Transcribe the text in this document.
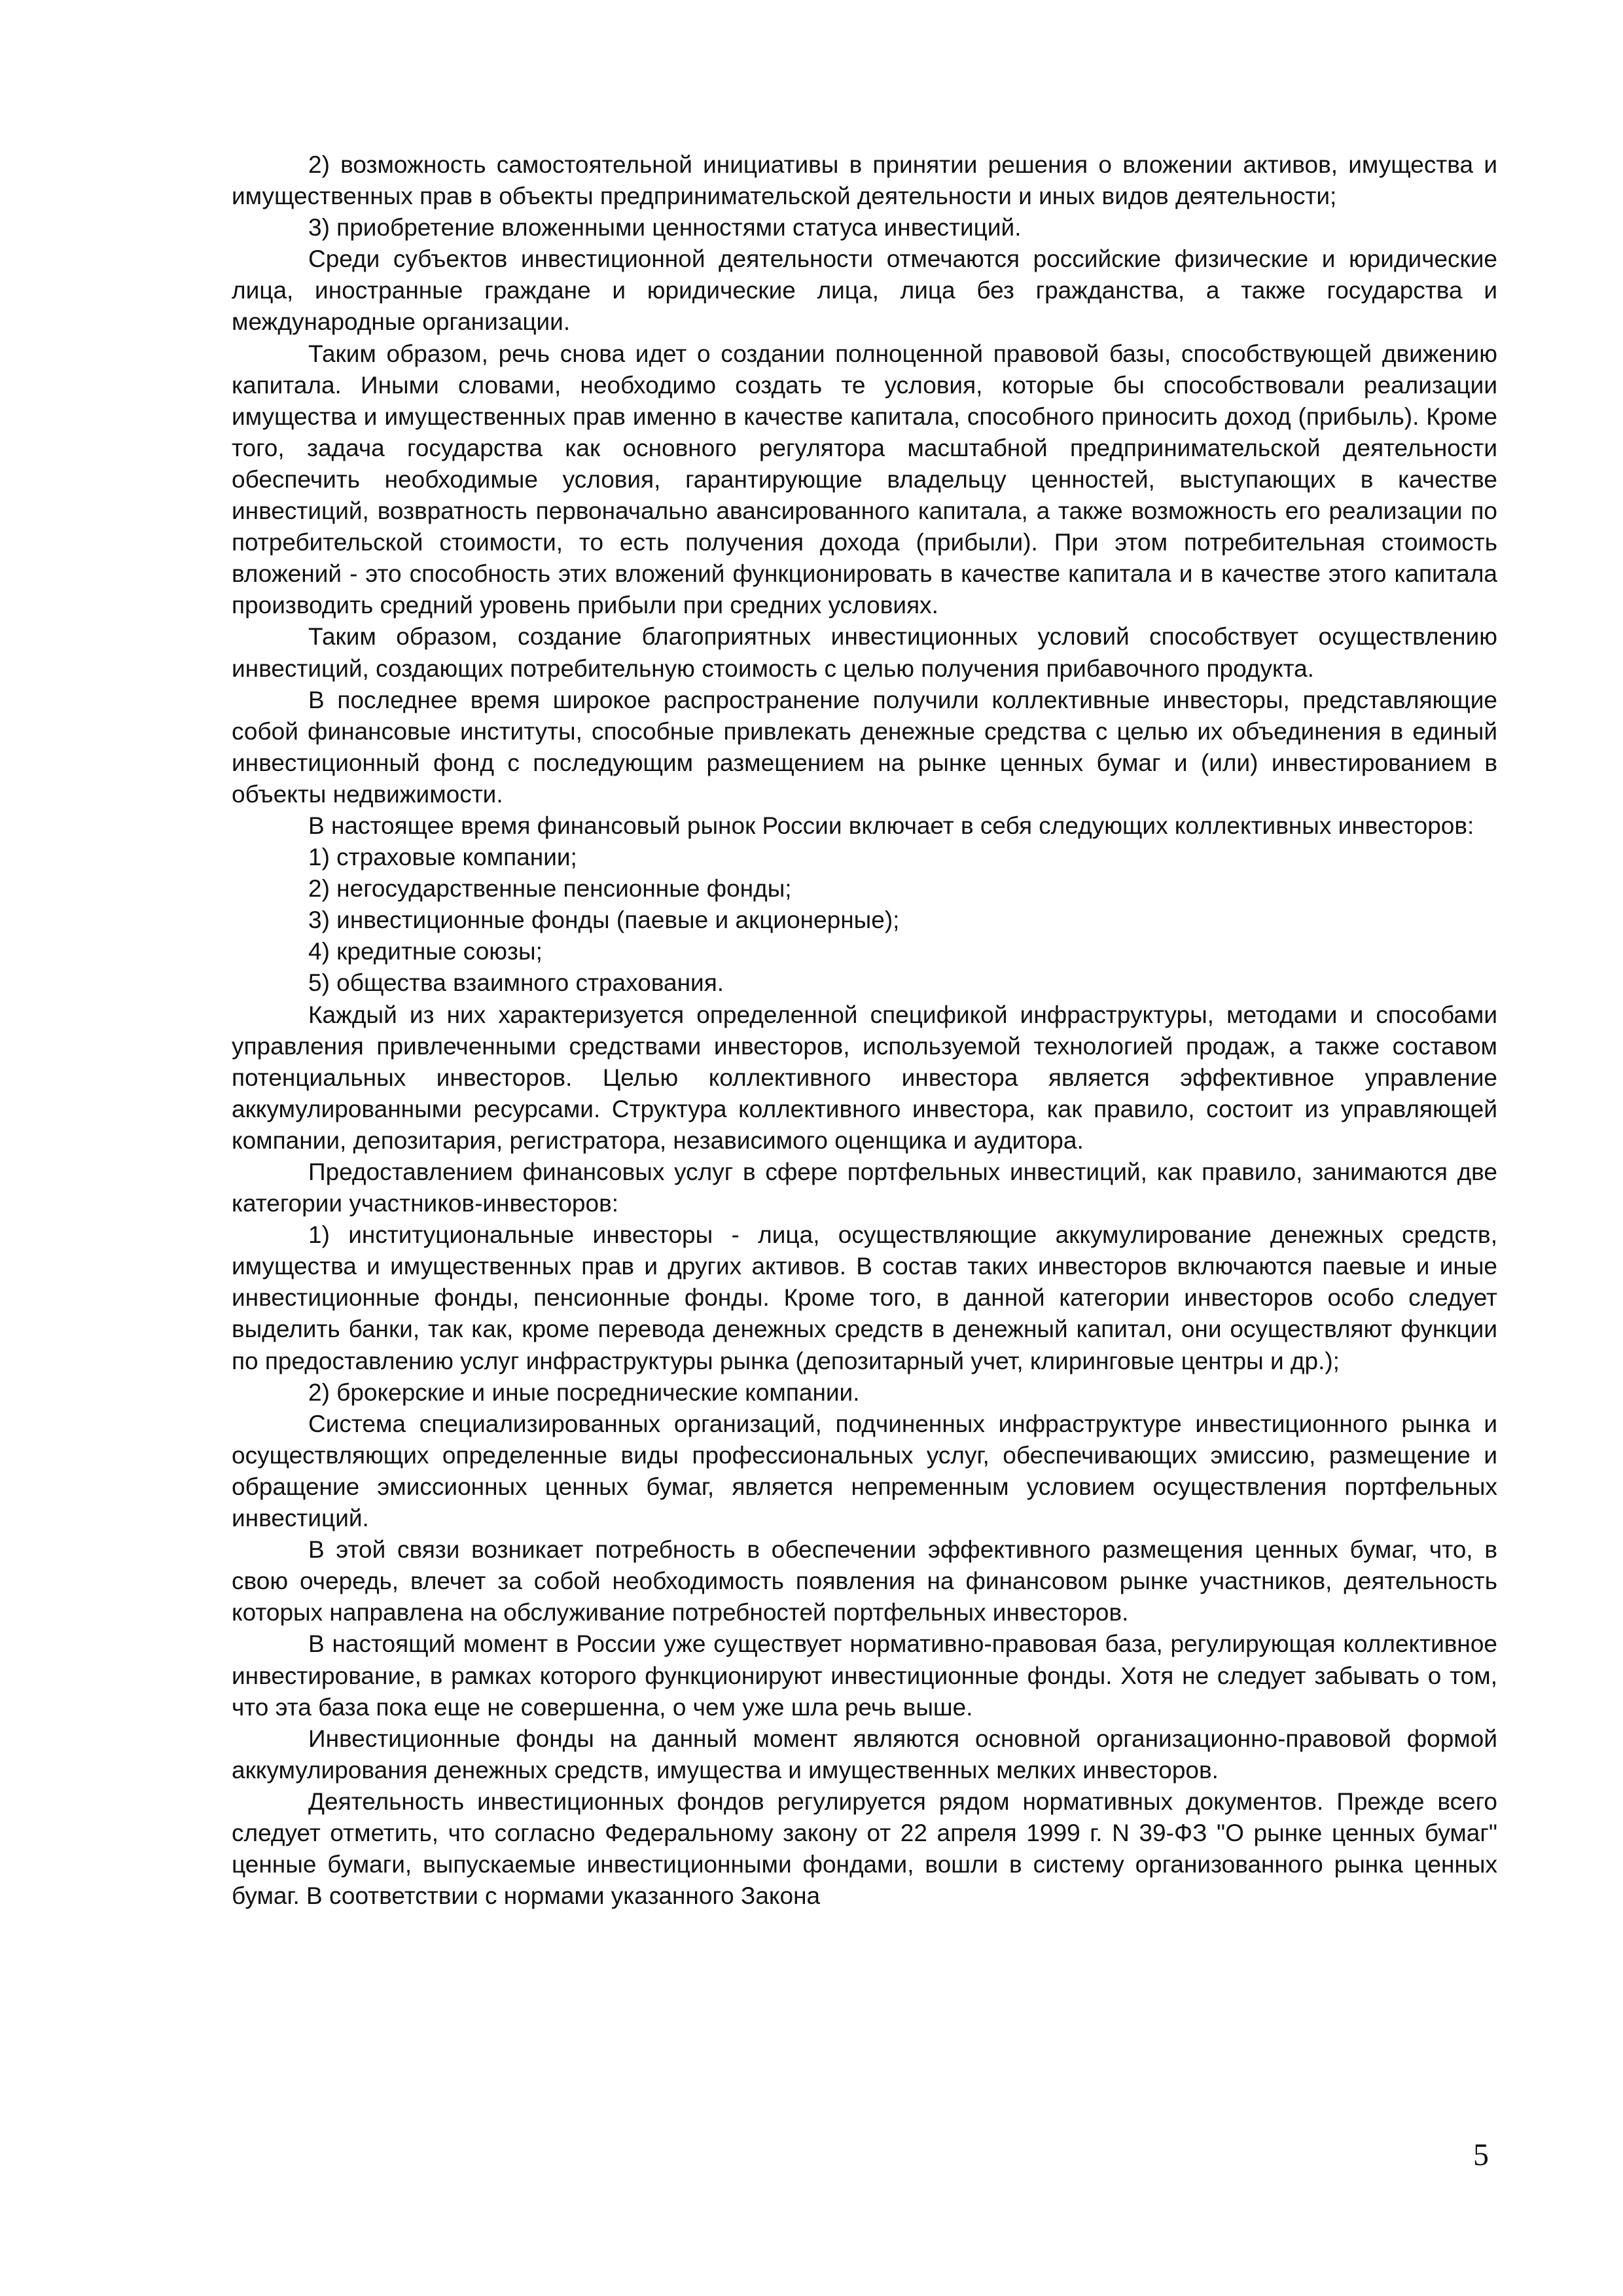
2) возможность самостоятельной инициативы в принятии решения о вложении активов, имущества и имущественных прав в объекты предпринимательской деятельности и иных видов деятельности;

3) приобретение вложенными ценностями статуса инвестиций.

Среди субъектов инвестиционной деятельности отмечаются российские физические и юридические лица, иностранные граждане и юридические лица, лица без гражданства, а также государства и международные организации.

Таким образом, речь снова идет о создании полноценной правовой базы, способствующей движению капитала. Иными словами, необходимо создать те условия, которые бы способствовали реализации имущества и имущественных прав именно в качестве капитала, способного приносить доход (прибыль). Кроме того, задача государства как основного регулятора масштабной предпринимательской деятельности обеспечить необходимые условия, гарантирующие владельцу ценностей, выступающих в качестве инвестиций, возвратность первоначально авансированного капитала, а также возможность его реализации по потребительской стоимости, то есть получения дохода (прибыли). При этом потребительная стоимость вложений - это способность этих вложений функционировать в качестве капитала и в качестве этого капитала производить средний уровень прибыли при средних условиях.

Таким образом, создание благоприятных инвестиционных условий способствует осуществлению инвестиций, создающих потребительную стоимость с целью получения прибавочного продукта.

В последнее время широкое распространение получили коллективные инвесторы, представляющие собой финансовые институты, способные привлекать денежные средства с целью их объединения в единый инвестиционный фонд с последующим размещением на рынке ценных бумаг и (или) инвестированием в объекты недвижимости.

В настоящее время финансовый рынок России включает в себя следующих коллективных инвесторов:

1) страховые компании;

2) негосударственные пенсионные фонды;

3) инвестиционные фонды (паевые и акционерные);

4) кредитные союзы;

5) общества взаимного страхования.

Каждый из них характеризуется определенной спецификой инфраструктуры, методами и способами управления привлеченными средствами инвесторов, используемой технологией продаж, а также составом потенциальных инвесторов. Целью коллективного инвестора является эффективное управление аккумулированными ресурсами. Структура коллективного инвестора, как правило, состоит из управляющей компании, депозитария, регистратора, независимого оценщика и аудитора.

Предоставлением финансовых услуг в сфере портфельных инвестиций, как правило, занимаются две категории участников-инвесторов:

1) институциональные инвесторы - лица, осуществляющие аккумулирование денежных средств, имущества и имущественных прав и других активов. В состав таких инвесторов включаются паевые и иные инвестиционные фонды, пенсионные фонды. Кроме того, в данной категории инвесторов особо следует выделить банки, так как, кроме перевода денежных средств в денежный капитал, они осуществляют функции по предоставлению услуг инфраструктуры рынка (депозитарный учет, клиринговые центры и др.);

2) брокерские и иные посреднические компании.

Система специализированных организаций, подчиненных инфраструктуре инвестиционного рынка и осуществляющих определенные виды профессиональных услуг, обеспечивающих эмиссию, размещение и обращение эмиссионных ценных бумаг, является непременным условием осуществления портфельных инвестиций.

В этой связи возникает потребность в обеспечении эффективного размещения ценных бумаг, что, в свою очередь, влечет за собой необходимость появления на финансовом рынке участников, деятельность которых направлена на обслуживание потребностей портфельных инвесторов.

В настоящий момент в России уже существует нормативно-правовая база, регулирующая коллективное инвестирование, в рамках которого функционируют инвестиционные фонды. Хотя не следует забывать о том, что эта база пока еще не совершенна, о чем уже шла речь выше.

Инвестиционные фонды на данный момент являются основной организационно-правовой формой аккумулирования денежных средств, имущества и имущественных мелких инвесторов.

Деятельность инвестиционных фондов регулируется рядом нормативных документов. Прежде всего следует отметить, что согласно Федеральному закону от 22 апреля 1999 г. N 39-ФЗ "О рынке ценных бумаг" ценные бумаги, выпускаемые инвестиционными фондами, вошли в систему организованного рынка ценных бумаг. В соответствии с нормами указанного Закона

5
